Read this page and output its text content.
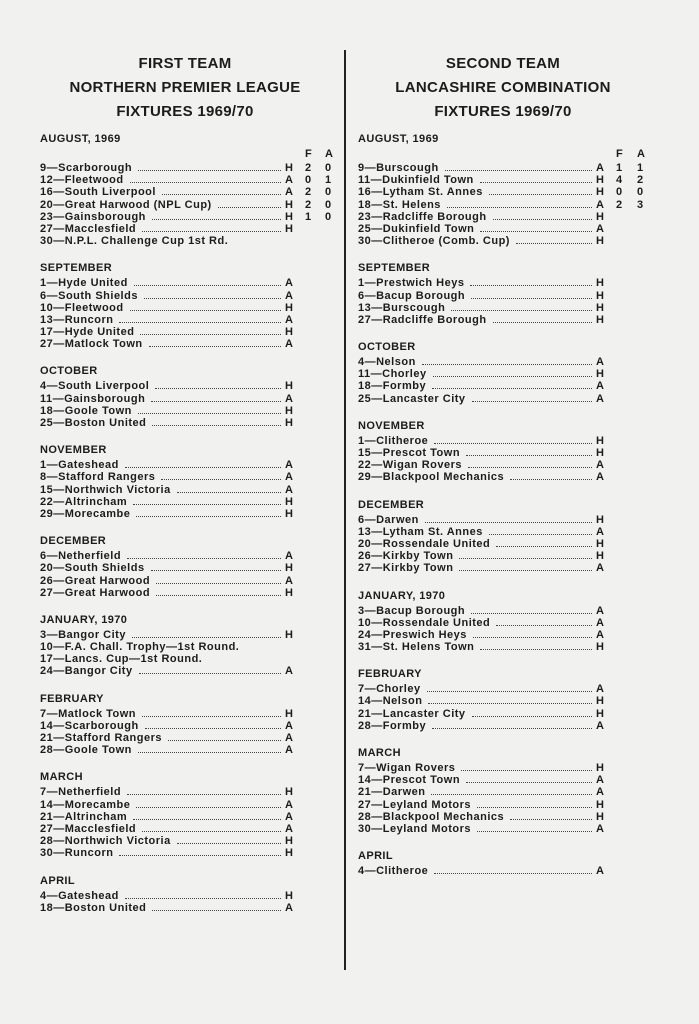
FIRST TEAM
NORTHERN PREMIER LEAGUE
FIXTURES 1969/70
AUGUST, 1969
F A
9—Scarborough	H 2 0
12—Fleetwood	A 0 1
16—South Liverpool	A 2 0
20—Great Harwood (NPL Cup)	H 2 0
23—Gainsborough	H 1 0
27—Macclesfield	H
30—N.P.L. Challenge Cup 1st Rd.
SEPTEMBER
1—Hyde United	A
6—South Shields	A
10—Fleetwood	H
13—Runcorn	A
17—Hyde United	H
27—Matlock Town	A
OCTOBER
4—South Liverpool	H
11—Gainsborough	A
18—Goole Town	H
25—Boston United	H
NOVEMBER
1—Gateshead	A
8—Stafford Rangers	A
15—Northwich Victoria	A
22—Altrincham	H
29—Morecambe	H
DECEMBER
6—Netherfield	A
20—South Shields	H
26—Great Harwood	A
27—Great Harwood	H
JANUARY, 1970
3—Bangor City	H
10—F.A. Chall. Trophy—1st Round.
17—Lancs. Cup—1st Round.
24—Bangor City	A
FEBRUARY
7—Matlock Town	H
14—Scarborough	A
21—Stafford Rangers	A
28—Goole Town	A
MARCH
7—Netherfield	H
14—Morecambe	A
21—Altrincham	A
27—Macclesfield	A
28—Northwich Victoria	H
30—Runcorn	H
APRIL
4—Gateshead	H
18—Boston United	A
SECOND TEAM
LANCASHIRE COMBINATION
FIXTURES 1969/70
AUGUST, 1969
F A
9—Burscough	A 1 1
11—Dukinfield Town	H 4 2
16—Lytham St. Annes	H 0 0
18—St. Helens	A 2 3
23—Radcliffe Borough	H
25—Dukinfield Town	A
30—Clitheroe (Comb. Cup)	H
SEPTEMBER
1—Prestwich Heys	H
6—Bacup Borough	H
13—Burscough	H
27—Radcliffe Borough	H
OCTOBER
4—Nelson	A
11—Chorley	H
18—Formby	A
25—Lancaster City	A
NOVEMBER
1—Clitheroe	H
15—Prescot Town	H
22—Wigan Rovers	A
29—Blackpool Mechanics	A
DECEMBER
6—Darwen	H
13—Lytham St. Annes	A
20—Rossendale United	H
26—Kirkby Town	H
27—Kirkby Town	A
JANUARY, 1970
3—Bacup Borough	A
10—Rossendale United	A
24—Preswich Heys	A
31—St. Helens Town	H
FEBRUARY
7—Chorley	A
14—Nelson	H
21—Lancaster City	H
28—Formby	A
MARCH
7—Wigan Rovers	H
14—Prescot Town	A
21—Darwen	A
27—Leyland Motors	H
28—Blackpool Mechanics	H
30—Leyland Motors	A
APRIL
4—Clitheroe	A
